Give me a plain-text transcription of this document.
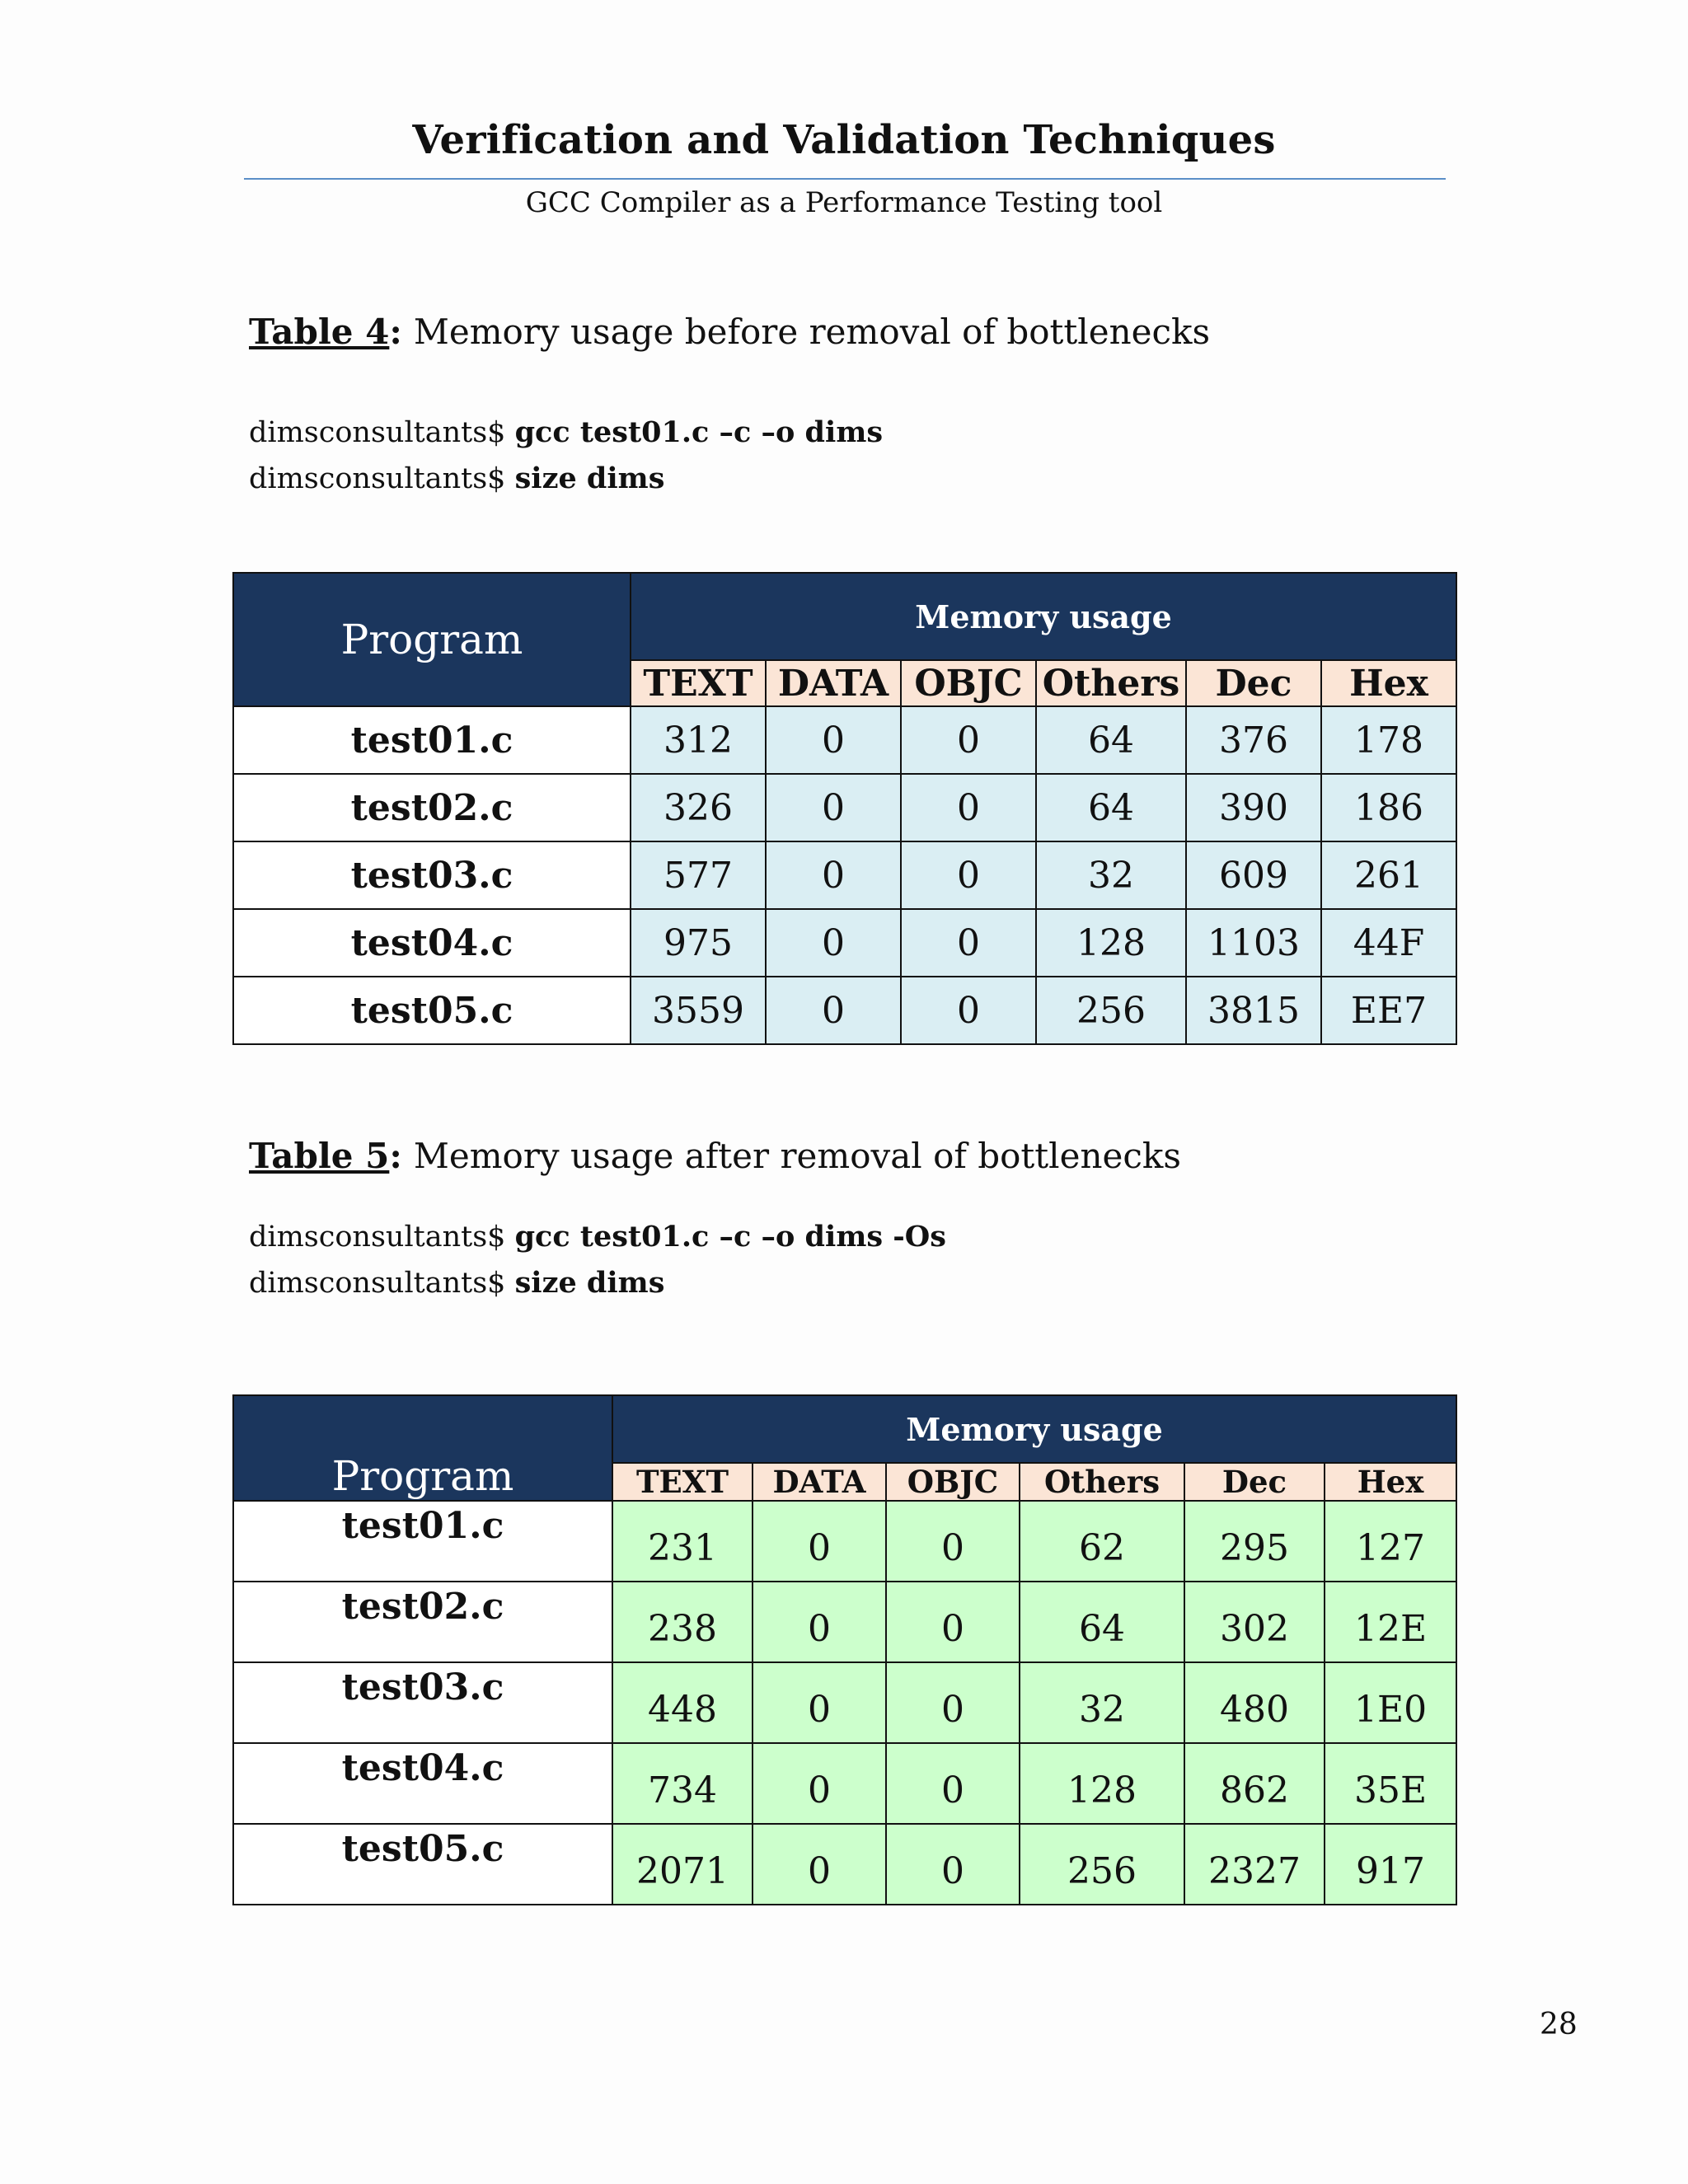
Verification and Validation Techniques
GCC Compiler as a Performance Testing tool
Table 4: Memory usage before removal of bottlenecks
dimsconsultants$ gcc test01.c –c –o dims
dimsconsultants$ size dims
Program	Memory usage					
	TEXT	DATA	OBJC	Others	Dec	Hex
test01.c	312	0	0	64	376	178
test02.c	326	0	0	64	390	186
test03.c	577	0	0	32	609	261
test04.c	975	0	0	128	1103	44F
test05.c	3559	0	0	256	3815	EE7
Table 5: Memory usage after removal of bottlenecks
dimsconsultants$ gcc test01.c –c –o dims -Os
dimsconsultants$ size dims
Program	Memory usage					
	TEXT	DATA	OBJC	Others	Dec	Hex
test01.c	231	0	0	62	295	127
test02.c	238	0	0	64	302	12E
test03.c	448	0	0	32	480	1E0
test04.c	734	0	0	128	862	35E
test05.c	2071	0	0	256	2327	917
28
